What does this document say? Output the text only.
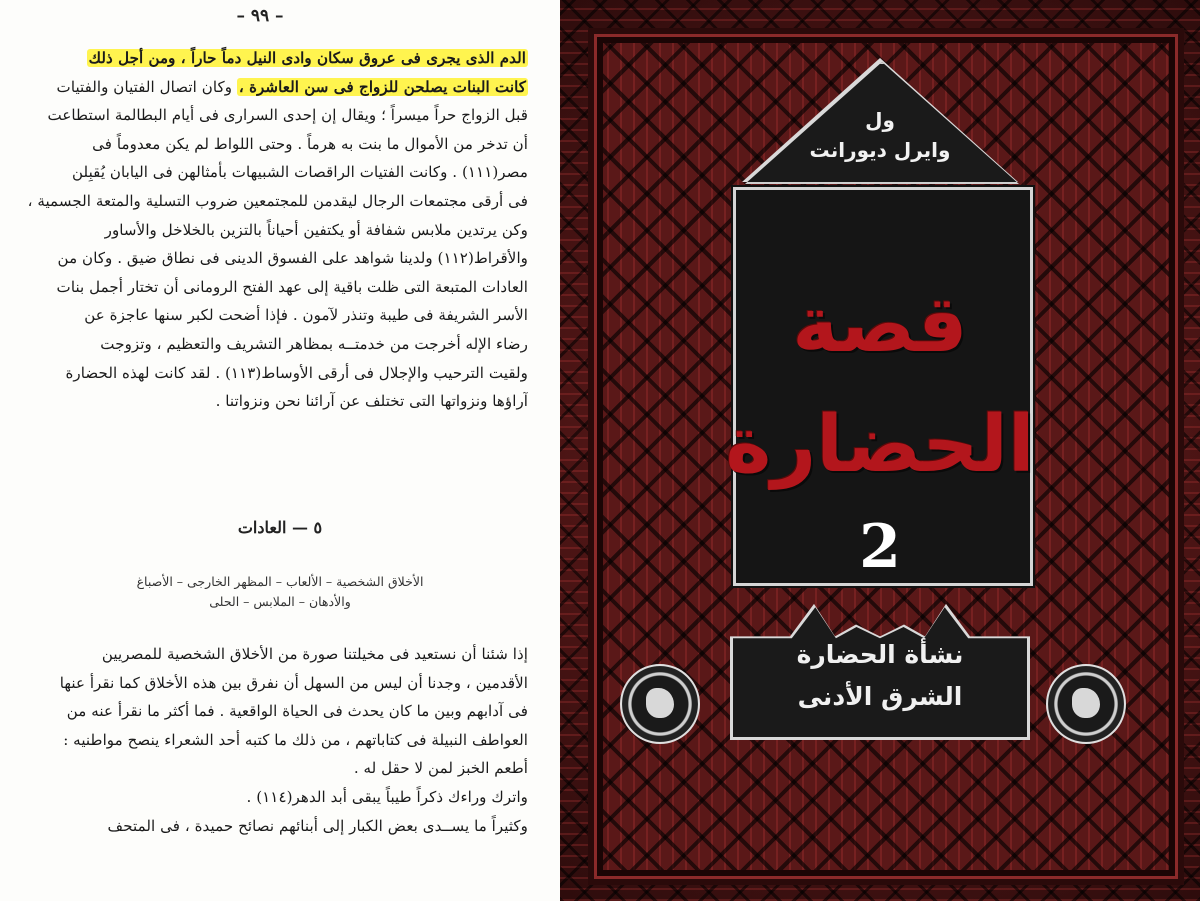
– ٩٩ –
الدم الذى يجرى فى عروق سكان وادى النيل دماً حاراً ، ومن أجل ذلك
كانت البنات يصلحن للزواج فى سن العاشرة ، وكان اتصال الفتيان والفتيات
قبل الزواج حراً ميسراً ؛ ويقال إن إحدى السرارى فى أيام البطالمة استطاعت
أن تدخر من الأموال ما بنت به هرماً . وحتى اللواط لم يكن معدوماً فى
مصر(١١١) . وكانت الفتيات الراقصات الشبيهات بأمثالهن فى اليابان يُقبِلن
فى أرقى مجتمعات الرجال ليقدمن للمجتمعين ضروب التسلية والمتعة الجسمية ،
وكن يرتدين ملابس شفافة أو يكتفين أحياناً بالتزين بالخلاخل والأساور
والأقراط(١١٢) ولدينا شواهد على الفسوق الدينى فى نطاق ضيق . وكان من
العادات المتبعة التى ظلت باقية إلى عهد الفتح الرومانى أن تختار أجمل بنات
الأسر الشريفة فى طيبة وتنذر لآمون . فإذا أضحت لكبر سنها عاجزة عن
رضاء الإله أخرجت من خدمتــه بمظاهر التشريف والتعظيم ، وتزوجت
ولقيت الترحيب والإجلال فى أرقى الأوساط(١١٣) . لقد كانت لهذه الحضارة
آراؤها ونزواتها التى تختلف عن آرائنا نحن ونزواتنا .
٥ — العادات
الأخلاق الشخصية – الألعاب – المظهر الخارجى – الأصباغ
والأدهان – الملابس – الحلى
إذا شئنا أن نستعيد فى مخيلتنا صورة من الأخلاق الشخصية للمصريين
الأقدمين ، وجدنا أن ليس من السهل أن نفرق بين هذه الأخلاق كما نقرأ عنها
فى آدابهم وبين ما كان يحدث فى الحياة الواقعية . فما أكثر ما نقرأ عنه من
العواطف النبيلة فى كتاباتهم ، من ذلك ما كتبه أحد الشعراء ينصح مواطنيه :
أطعم الخبز لمن لا حقل له .
واترك وراءك ذكراً طيباً يبقى أبد الدهر(١١٤) .
وكثيراً ما يســدى بعض الكبار إلى أبنائهم نصائح حميدة ، فى المتحف
ول
وايرل ديورانت
قصة
الحضارة
2
نشأة الحضارة
الشرق الأدنى
